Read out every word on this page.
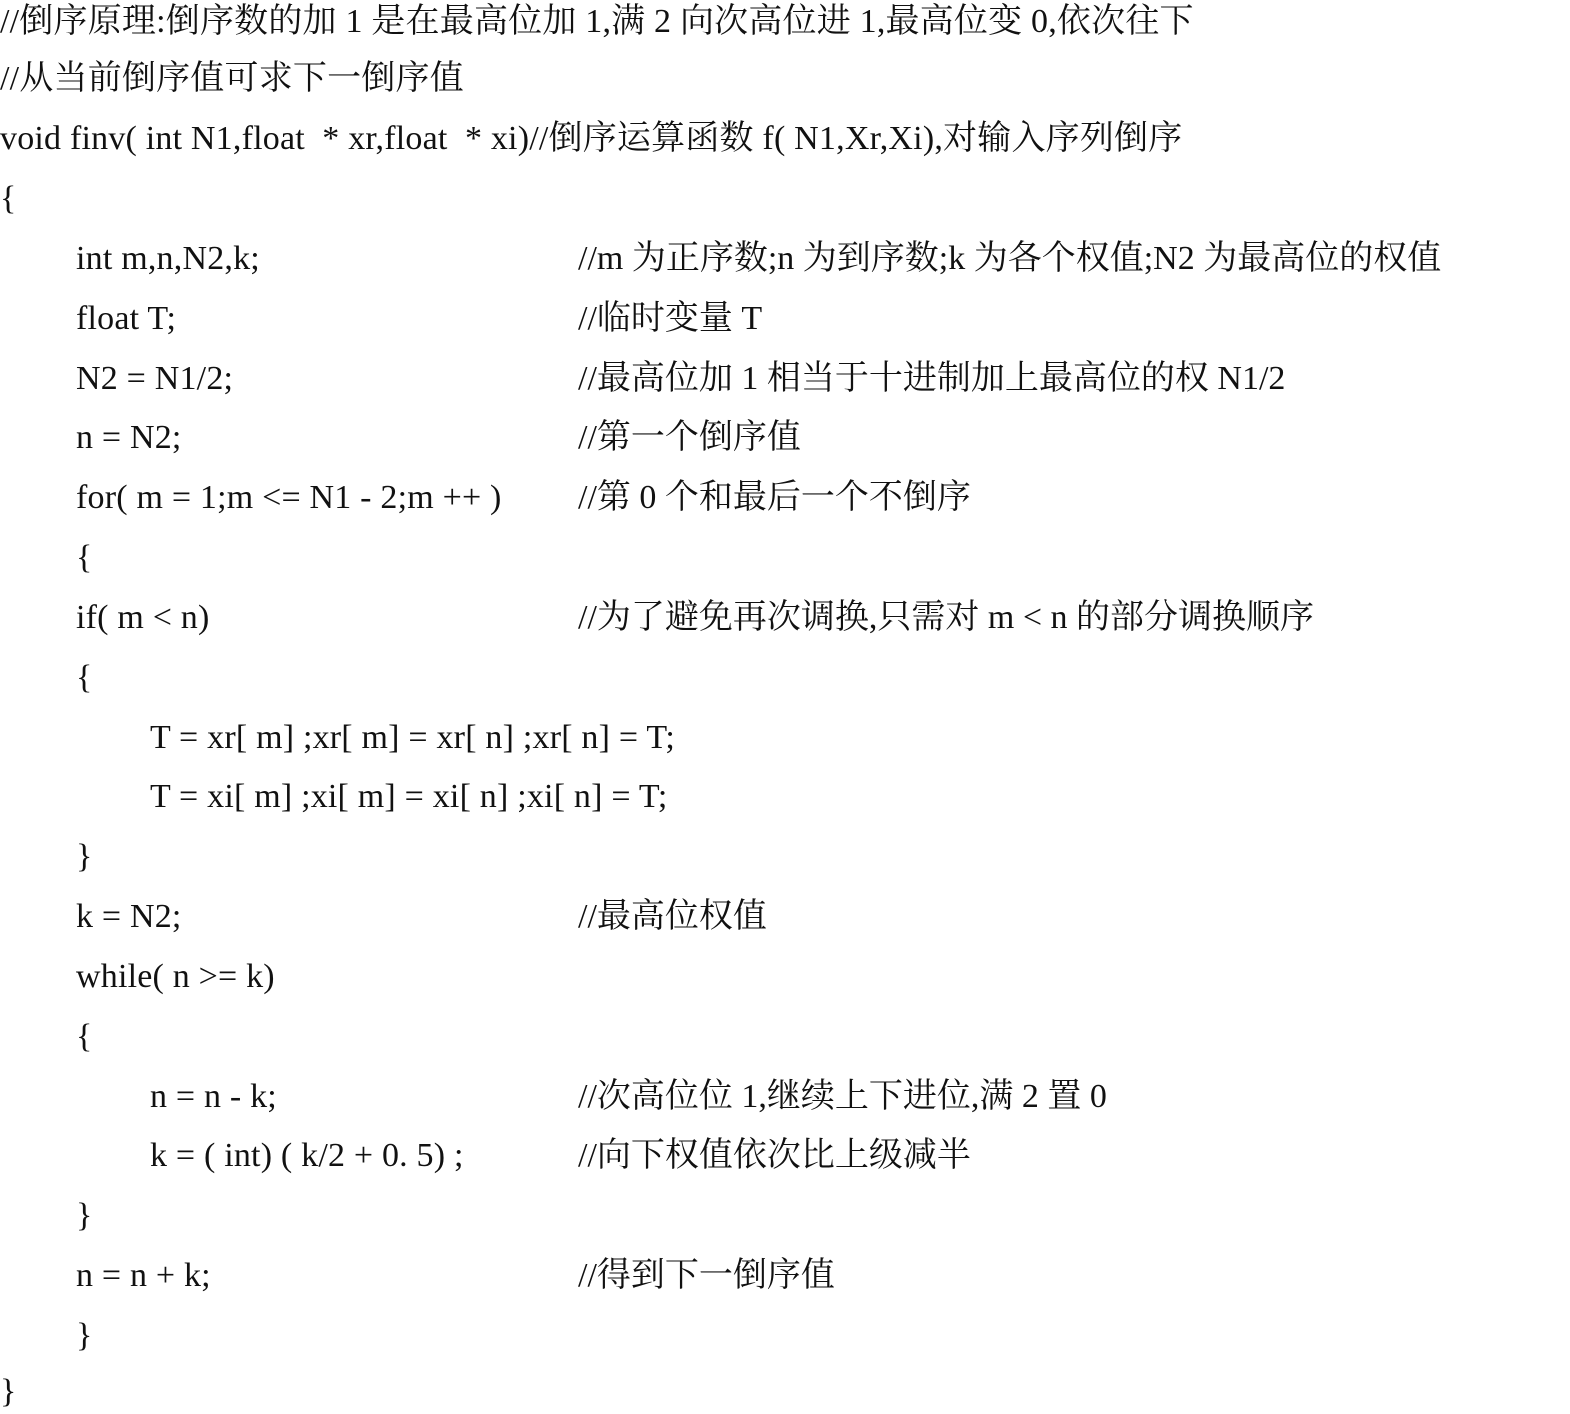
//倒序原理:倒序数的加 1 是在最高位加 1,满 2 向次高位进 1,最高位变 0,依次往下
//从当前倒序值可求下一倒序值
void finv( int N1,float  * xr,float  * xi)//倒序运算函数 f( N1,Xr,Xi),对输入序列倒序
{
int m,n,N2,k;	//m 为正序数;n 为到序数;k 为各个权值;N2 为最高位的权值
float T;	//临时变量 T
N2 = N1/2;	//最高位加 1 相当于十进制加上最高位的权 N1/2
n = N2;	//第一个倒序值
for( m = 1;m <= N1 - 2;m ++ ) //第 0 个和最后一个不倒序
{
if( m < n)	//为了避免再次调换,只需对 m < n 的部分调换顺序
{
T = xr[ m] ;xr[ m] = xr[ n] ;xr[ n] = T;
T = xi[ m] ;xi[ m] = xi[ n] ;xi[ n] = T;
}
k = N2;	//最高位权值
while( n >= k)
{
n = n - k;	//次高位位 1,继续上下进位,满 2 置 0
k = ( int) ( k/2 + 0. 5) ;	//向下权值依次比上级减半
}
n = n + k;	//得到下一倒序值
}
}
